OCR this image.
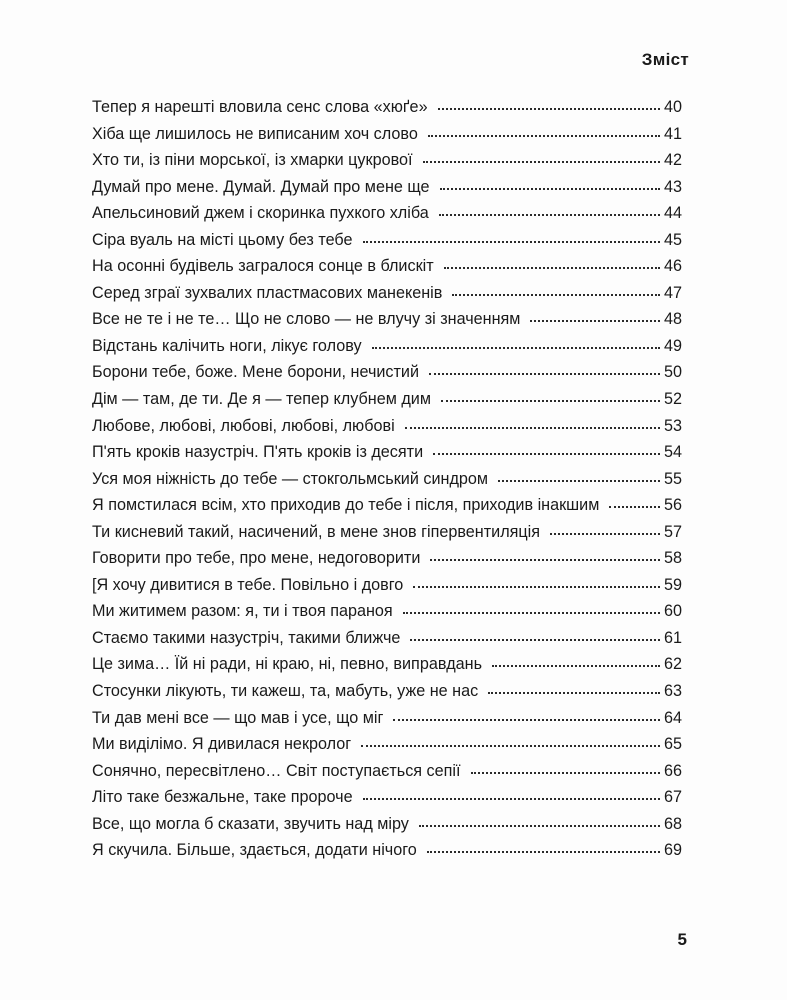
Зміст
Тепер я нарешті вловила сенс слова «хюґе»	40
Хіба ще лишилось не виписаним хоч слово	41
Хто ти, із піни морської, із хмарки цукрової	42
Думай про мене. Думай. Думай про мене ще	43
Апельсиновий джем і скоринка пухкого хліба	44
Сіра вуаль на місті цьому без тебе	45
На осонні будівель загралося сонце в блискіт	46
Серед зграї зухвалих пластмасових манекенів	47
Все не те і не те… Що не слово — не влучу зі значенням	48
Відстань калічить ноги, лікує голову	49
Борони тебе, боже. Мене борони, нечистий	50
Дім — там, де ти. Де я — тепер клубнем дим	52
Любове, любові, любові, любові, любові	53
П'ять кроків назустріч. П'ять кроків із десяти	54
Уся моя ніжність до тебе — стокгольмський синдром	55
Я помстилася всім, хто приходив до тебе і після, приходив інакшим	56
Ти кисневий такий, насичений, в мене знов гіпервентиляція	57
Говорити про тебе, про мене, недоговорити	58
[Я хочу дивитися в тебе. Повільно і довго	59
Ми житимем разом: я, ти і твоя параноя	60
Стаємо такими назустріч, такими ближче	61
Це зима… Їй ні ради, ні краю, ні, певно, виправдань	62
Стосунки лікують, ти кажеш, та, мабуть, уже не нас	63
Ти дав мені все — що мав і усе, що міг	64
Ми виділімо. Я дивилася некролог	65
Сонячно, пересвітлено… Світ поступається сепії	66
Літо таке безжальне, таке пророче	67
Все, що могла б сказати, звучить над міру	68
Я скучила. Більше, здається, додати нічого	69
5
